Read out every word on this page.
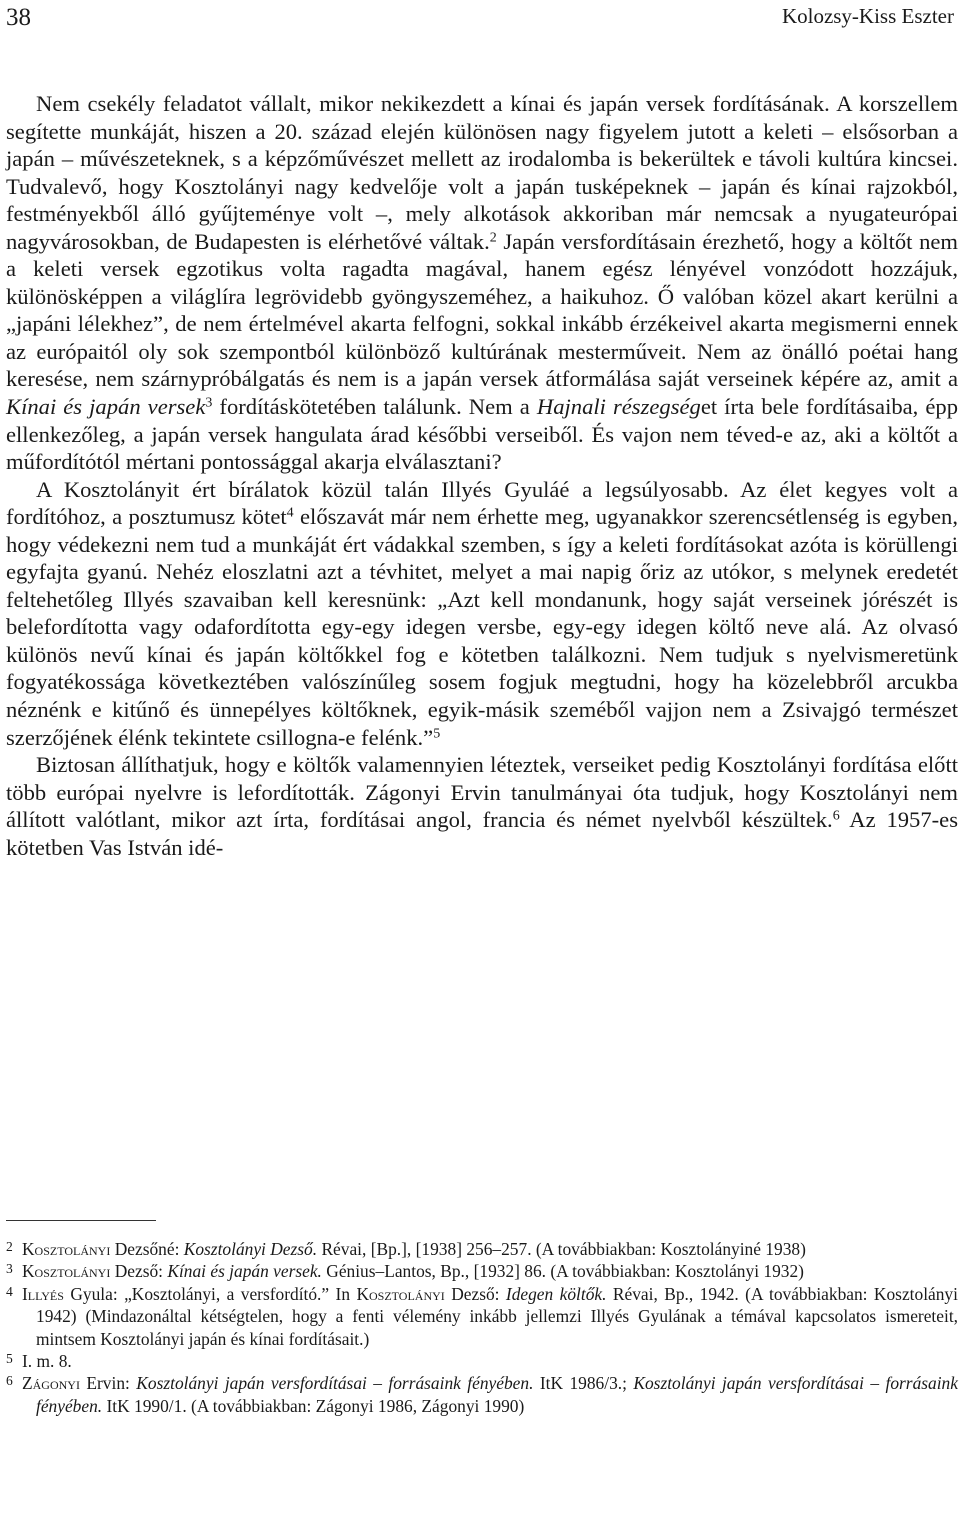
38	Kolozsy-Kiss Eszter

Nem csekély feladatot vállalt, mikor nekikezdett a kínai és japán versek fordításának. A korszellem segítette munkáját, hiszen a 20. század elején különösen nagy figyelem jutott a keleti – elsősorban a japán – művészeteknek, s a képzőművészet mellett az irodalomba is bekerültek e távoli kultúra kincsei. Tudvalevő, hogy Kosztolányi nagy kedvelője volt a japán tusképeknek – japán és kínai rajzokból, festményekből álló gyűjteménye volt –, mely alkotások akkoriban már nemcsak a nyugateurópai nagyvárosokban, de Budapesten is elérhetővé váltak.$^2$ Japán versfordításain érezhető, hogy a költőt nem a keleti versek egzotikus volta ragadta magával, hanem egész lényével vonzódott hozzájuk, különösképpen a világlíra legrövidebb gyöngyszeméhez, a haikuhoz. Ő valóban közel akart kerülni a „japáni lélekhez”, de nem értelmével akarta felfogni, sokkal inkább érzékeivel akarta megismerni ennek az európaitól oly sok szempontból különböző kultúrának mesterműveit. Nem az önálló poétai hang keresése, nem szárnypróbálgatás és nem is a japán versek átformálása saját verseinek képére az, amit a Kínai és japán versek$^3$ fordításkötetében találunk. Nem a Hajnali részegséget írta bele fordításaiba, épp ellenkezőleg, a japán versek hangulata árad későbbi verseiből. És vajon nem téved-e az, aki a költőt a műfordítótól mértani pontossággal akarja elválasztani?

A Kosztolányit ért bírálatok közül talán Illyés Gyuláé a legsúlyosabb. Az élet kegyes volt a fordítóhoz, a posztumusz kötet$^4$ előszavát már nem érhette meg, ugyanakkor szerencsétlenség is egyben, hogy védekezni nem tud a munkáját ért vádakkal szemben, s így a keleti fordításokat azóta is körüllengi egyfajta gyanú. Nehéz eloszlatni azt a tévhitet, melyet a mai napig őriz az utókor, s melynek eredetét feltehetőleg Illyés szavaiban kell keresnünk: „Azt kell mondanunk, hogy saját verseinek jórészét is belefordította vagy odafordította egy-egy idegen versbe, egy-egy idegen költő neve alá. Az olvasó különös nevű kínai és japán költőkkel fog e kötetben találkozni. Nem tudjuk s nyelvismeretünk fogyatékossága következtében valószínűleg sosem fogjuk megtudni, hogy ha közelebbről arcukba néznénk e kitűnő és ünnepélyes költőknek, egyik-másik szeméből vajjon nem a Zsivajgó természet szerzőjének élénk tekintete csillogna-e felénk.”$^5$

Biztosan állíthatjuk, hogy e költők valamennyien léteztek, verseiket pedig Kosztolányi fordítása előtt több európai nyelvre is lefordították. Zágonyi Ervin tanulmányai óta tudjuk, hogy Kosztolányi nem állított valótlant, mikor azt írta, fordításai angol, francia és német nyelvből készültek.$^6$ Az 1957-es kötetben Vas István idé-

2 Kosztolányi Dezsőné: Kosztolányi Dezső. Révai, [Bp.], [1938] 256–257. (A továbbiakban: Kosztolányiné 1938)

3 Kosztolányi Dezső: Kínai és japán versek. Génius–Lantos, Bp., [1932] 86. (A továbbiakban: Kosztolányi 1932)

4 Illyés Gyula: „Kosztolányi, a versfordító.” In Kosztolányi Dezső: Idegen költők. Révai, Bp., 1942. (A továbbiakban: Kosztolányi 1942) (Mindazonáltal kétségtelen, hogy a fenti vélemény inkább jellemzi Illyés Gyulának a témával kapcsolatos ismereteit, mintsem Kosztolányi japán és kínai fordításait.)

5 I. m. 8.

6 Zágonyi Ervin: Kosztolányi japán versfordításai – forrásaink fényében. ItK 1986/3.; Kosztolányi japán versfordításai – forrásaink fényében. ItK 1990/1. (A továbbiakban: Zágonyi 1986, Zágonyi 1990)
